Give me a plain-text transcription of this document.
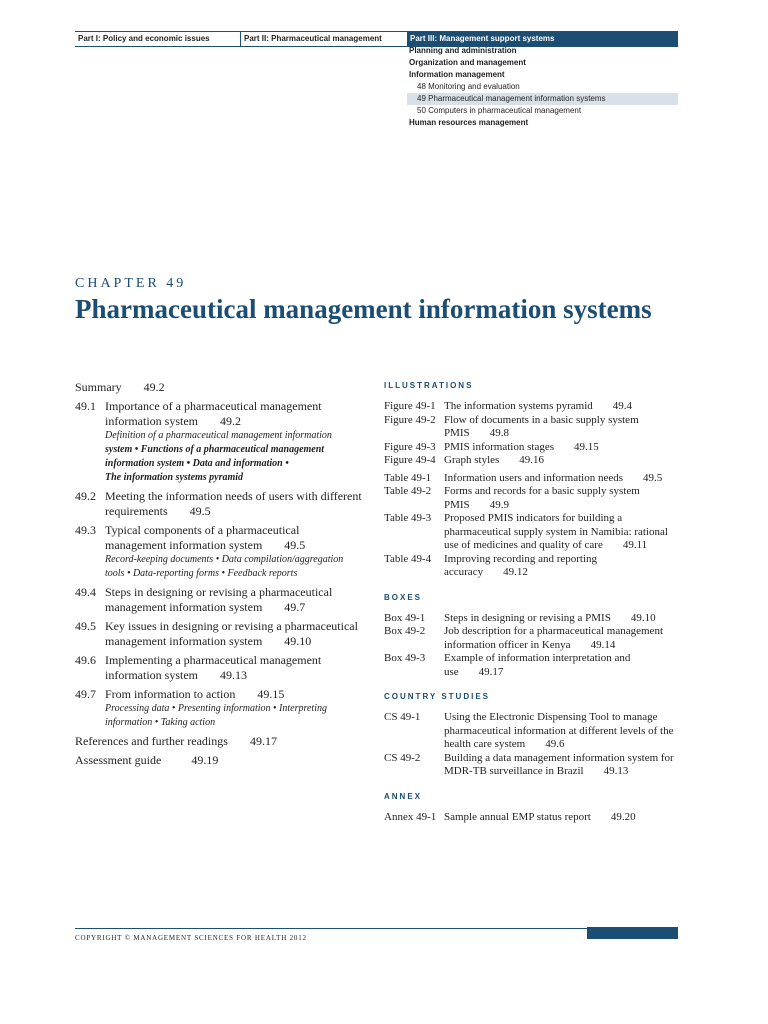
Part I: Policy and economic issues	Part II: Pharmaceutical management	Part III: Management support systems
Planning and administration
Organization and management
Information management
48 Monitoring and evaluation
49 Pharmaceutical management information systems
50 Computers in pharmaceutical management
Human resources management
CHAPTER 49
Pharmaceutical management information systems
Summary 49.2
49.1 Importance of a pharmaceutical management
information system 49.2
Definition of a pharmaceutical management information
system • Functions of a pharmaceutical management
information system • Data and information •
The information systems pyramid
49.2 Meeting the information needs of users with different
requirements 49.5
49.3 Typical components of a pharmaceutical
management information system 49.5
Record-keeping documents • Data compilation/aggregation
tools • Data-reporting forms • Feedback reports
49.4 Steps in designing or revising a pharmaceutical
management information system 49.7
49.5 Key issues in designing or revising a pharmaceutical
management information system 49.10
49.6 Implementing a pharmaceutical management
information system 49.13
49.7 From information to action 49.15
Processing data • Presenting information • Interpreting
information • Taking action
References and further readings 49.17
Assessment guide	49.19
ILLUSTRATIONS
Figure 49-1 The information systems pyramid 49.4
Figure 49-2 Flow of documents in a basic supply system
PMIS 49.8
Figure 49-3 PMIS information stages 49.15
Figure 49-4 Graph styles 49.16
Table 49-1	Information users and information needs 49.5
Table 49-2	Forms and records for a basic supply system
PMIS 49.9
Table 49-3	Proposed PMIS indicators for building a
pharmaceutical supply system in Namibia: rational
use of medicines and quality of care 49.11
Table 49-4	Improving recording and reporting
accuracy 49.12
BOXES
Box 49-1	Steps in designing or revising a PMIS 49.10
Box 49-2	Job description for a pharmaceutical management
information officer in Kenya 49.14
Box 49-3	Example of information interpretation and
use 49.17
COUNTRY STUDIES
CS 49-1	Using the Electronic Dispensing Tool to manage
pharmaceutical information at different levels of the
health care system 49.6
CS 49-2	Building a data management information system for
MDR-TB surveillance in Brazil 49.13
ANNEX
Annex 49-1 Sample annual EMP status report 49.20
COPYRIGHT © MANAGEMENT SCIENCES FOR HEALTH 2012
